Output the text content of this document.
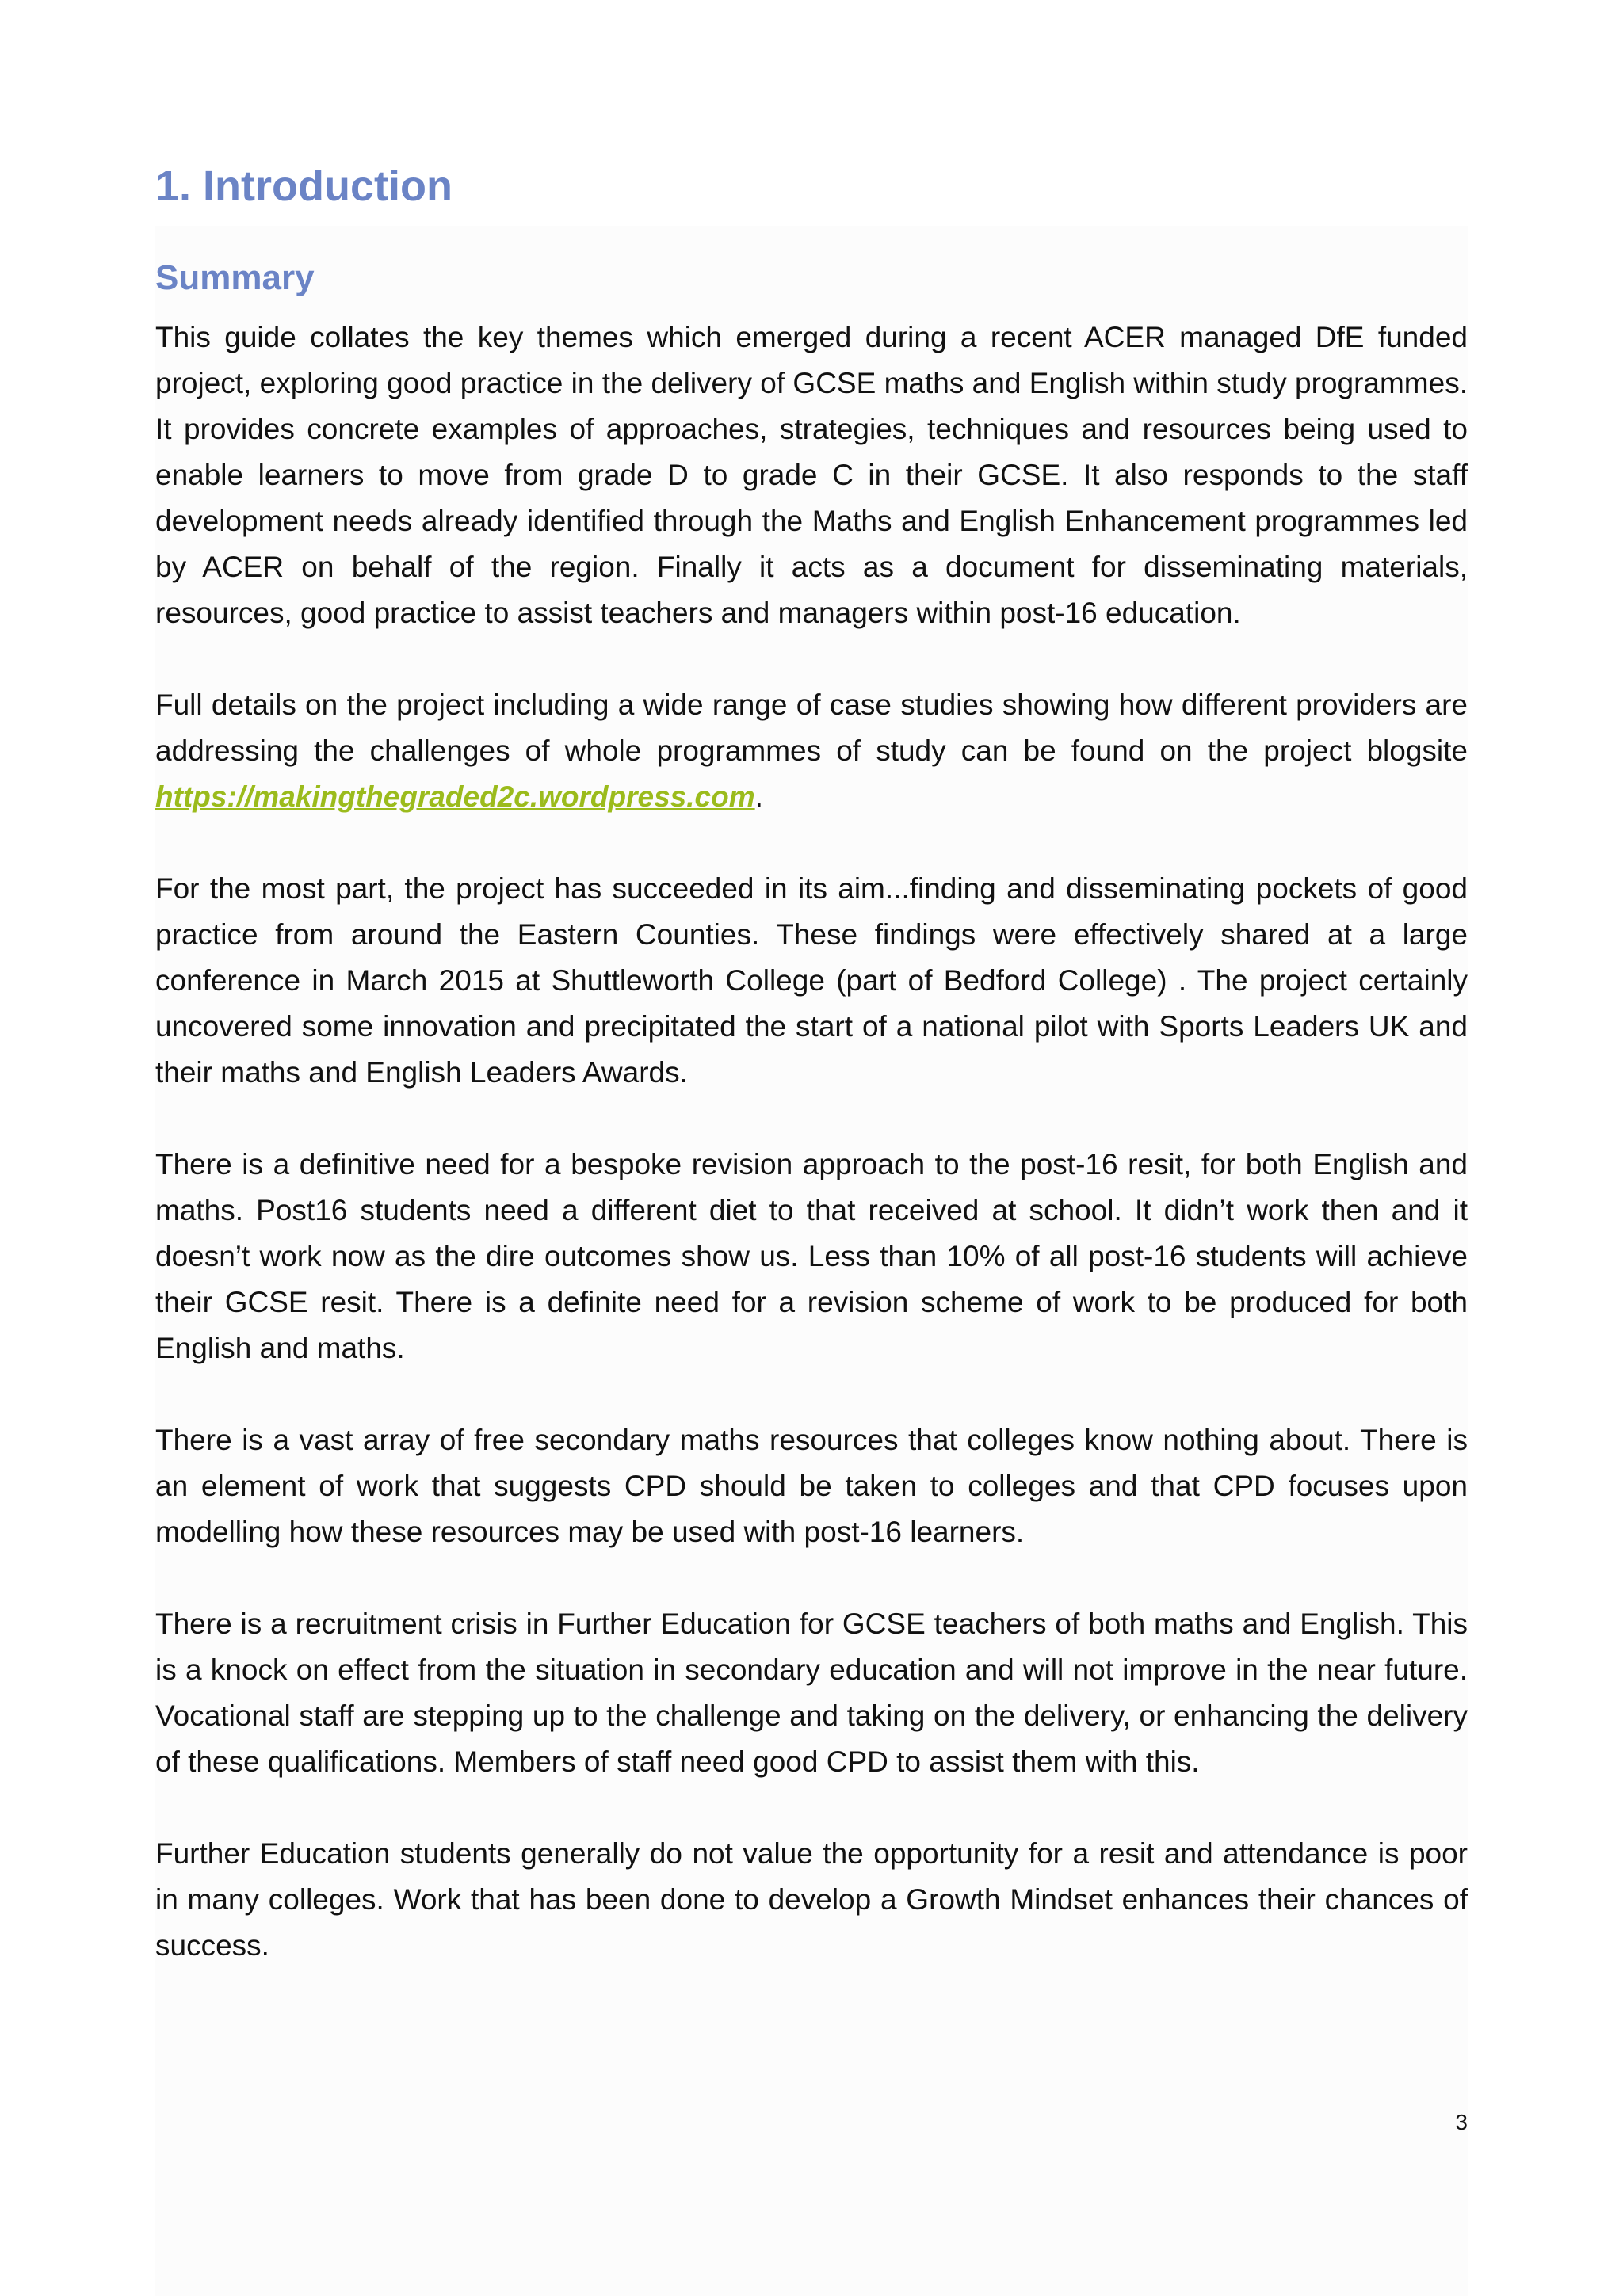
1. Introduction
Summary

This guide collates the key themes which emerged during a recent ACER managed DfE funded project, exploring good practice in the delivery of GCSE maths and English within study programmes. It provides concrete examples of approaches, strategies, techniques and resources being used to enable learners to move from grade D to grade C in their GCSE. It also responds to the staff development needs already identified through the Maths and English Enhancement programmes led by ACER on behalf of the region. Finally it acts as a document for disseminating materials, resources, good practice to assist teachers and managers within post-16 education.

Full details on the project including a wide range of case studies showing how different providers are addressing the challenges of whole programmes of study can be found on the project blogsite https://makingthegraded2c.wordpress.com.

For the most part, the project has succeeded in its aim...finding and disseminating pockets of good practice from around the Eastern Counties. These findings were effectively shared at a large conference in March 2015 at Shuttleworth College (part of Bedford College) . The project certainly uncovered some innovation and precipitated the start of a national pilot with Sports Leaders UK and their maths and English Leaders Awards.

There is a definitive need for a bespoke revision approach to the post-16 resit, for both English and maths. Post16 students need a different diet to that received at school. It didn’t work then and it doesn’t work now as the dire outcomes show us. Less than 10% of all post-16 students will achieve their GCSE resit. There is a definite need for a revision scheme of work to be produced for both English and maths.

There is a vast array of free secondary maths resources that colleges know nothing about. There is an element of work that suggests CPD should be taken to colleges and that CPD focuses upon modelling how these resources may be used with post-16 learners.

There is a recruitment crisis in Further Education for GCSE teachers of both maths and English. This is a knock on effect from the situation in secondary education and will not improve in the near future. Vocational staff are stepping up to the challenge and taking on the delivery, or enhancing the delivery of these qualifications. Members of staff need good CPD to assist them with this.

Further Education students generally do not value the opportunity for a resit and attendance is poor in many colleges. Work that has been done to develop a Growth Mindset enhances their chances of success.

3
